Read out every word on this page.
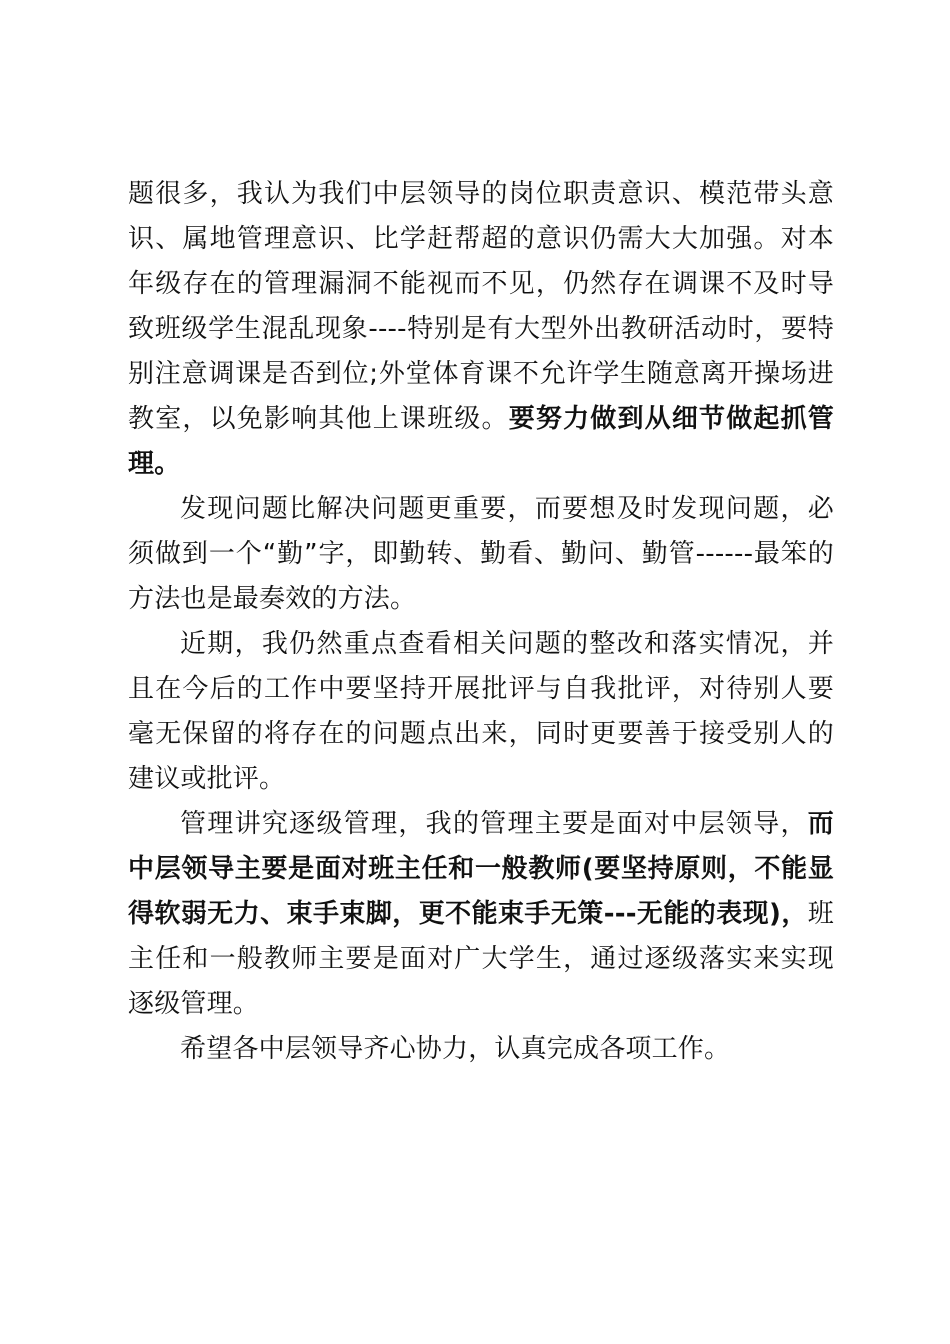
题很多，我认为我们中层领导的岗位职责意识、模范带头意识、属地管理意识、比学赶帮超的意识仍需大大加强。对本年级存在的管理漏洞不能视而不见，仍然存在调课不及时导致班级学生混乱现象----特别是有大型外出教研活动时，要特别注意调课是否到位;外堂体育课不允许学生随意离开操场进教室，以免影响其他上课班级。要努力做到从细节做起抓管理。

发现问题比解决问题更重要，而要想及时发现问题，必须做到一个“勤”字，即勤转、勤看、勤问、勤管------最笨的方法也是最奏效的方法。

近期，我仍然重点查看相关问题的整改和落实情况，并且在今后的工作中要坚持开展批评与自我批评，对待别人要毫无保留的将存在的问题点出来，同时更要善于接受别人的建议或批评。

管理讲究逐级管理，我的管理主要是面对中层领导，而中层领导主要是面对班主任和一般教师(要坚持原则，不能显得软弱无力、束手束脚，更不能束手无策---无能的表现)，班主任和一般教师主要是面对广大学生，通过逐级落实来实现逐级管理。

希望各中层领导齐心协力，认真完成各项工作。
